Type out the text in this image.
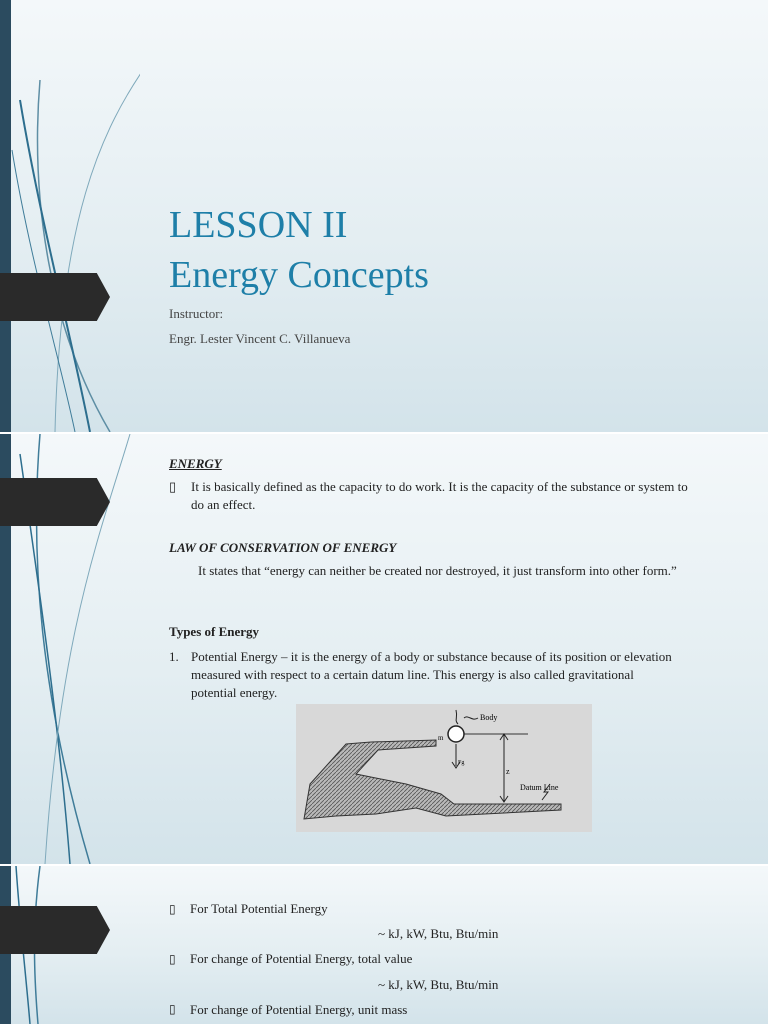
LESSON II
Energy Concepts
Instructor:
Engr. Lester Vincent C. Villanueva
ENERGY
▯ It is basically defined as the capacity to do work. It is the capacity of the substance or system to do an effect.
LAW OF CONSERVATION OF ENERGY
It states that “energy can neither be created nor destroyed, it just transform into other form.”
Types of Energy
1. Potential Energy – it is the energy of a body or substance because of its position or elevation measured with respect to a certain datum line. This energy is also called gravitational potential energy.
Body
m
Fg
z
Datum Line
▯ For Total Potential Energy
~ kJ, kW, Btu, Btu/min
▯ For change of Potential Energy, total value
~ kJ, kW, Btu, Btu/min
▯ For change of Potential Energy, unit mass
